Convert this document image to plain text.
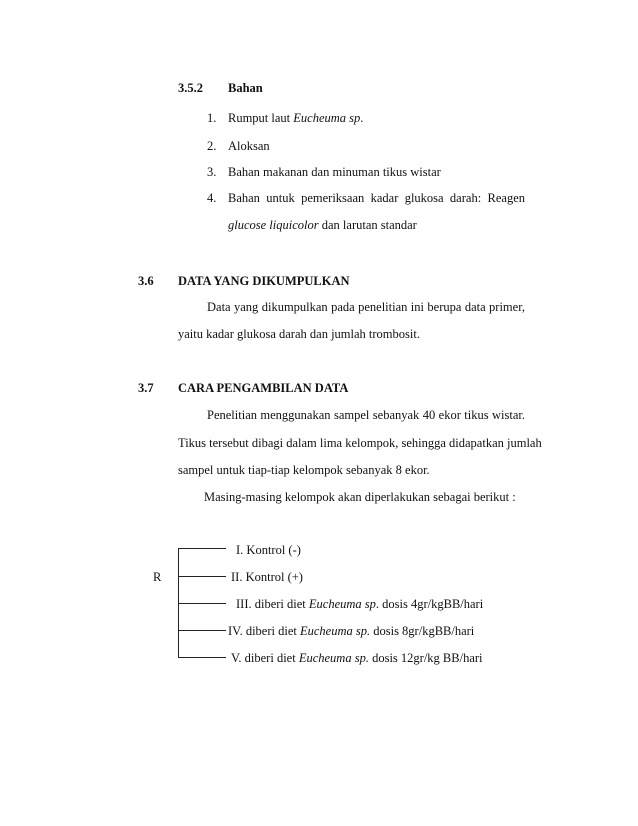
3.5.2 Bahan
1. Rumput laut Eucheuma sp.
2. Aloksan
3. Bahan makanan dan minuman tikus wistar
4. Bahan untuk pemeriksaan kadar glukosa darah: Reagen
glucose liquicolor dan larutan standar
3.6 DATA YANG DIKUMPULKAN
Data yang dikumpulkan pada penelitian ini berupa data primer,
yaitu kadar glukosa darah dan jumlah trombosit.
3.7 CARA PENGAMBILAN DATA
Penelitian menggunakan sampel sebanyak 40 ekor tikus wistar.
Tikus tersebut dibagi dalam lima kelompok, sehingga didapatkan jumlah
sampel untuk tiap-tiap kelompok sebanyak 8 ekor.
Masing-masing kelompok akan diperlakukan sebagai berikut :
R
I. Kontrol (-)
II. Kontrol (+)
III. diberi diet Eucheuma sp. dosis 4gr/kgBB/hari
IV. diberi diet Eucheuma sp. dosis 8gr/kgBB/hari
V. diberi diet Eucheuma sp. dosis 12gr/kg BB/hari
